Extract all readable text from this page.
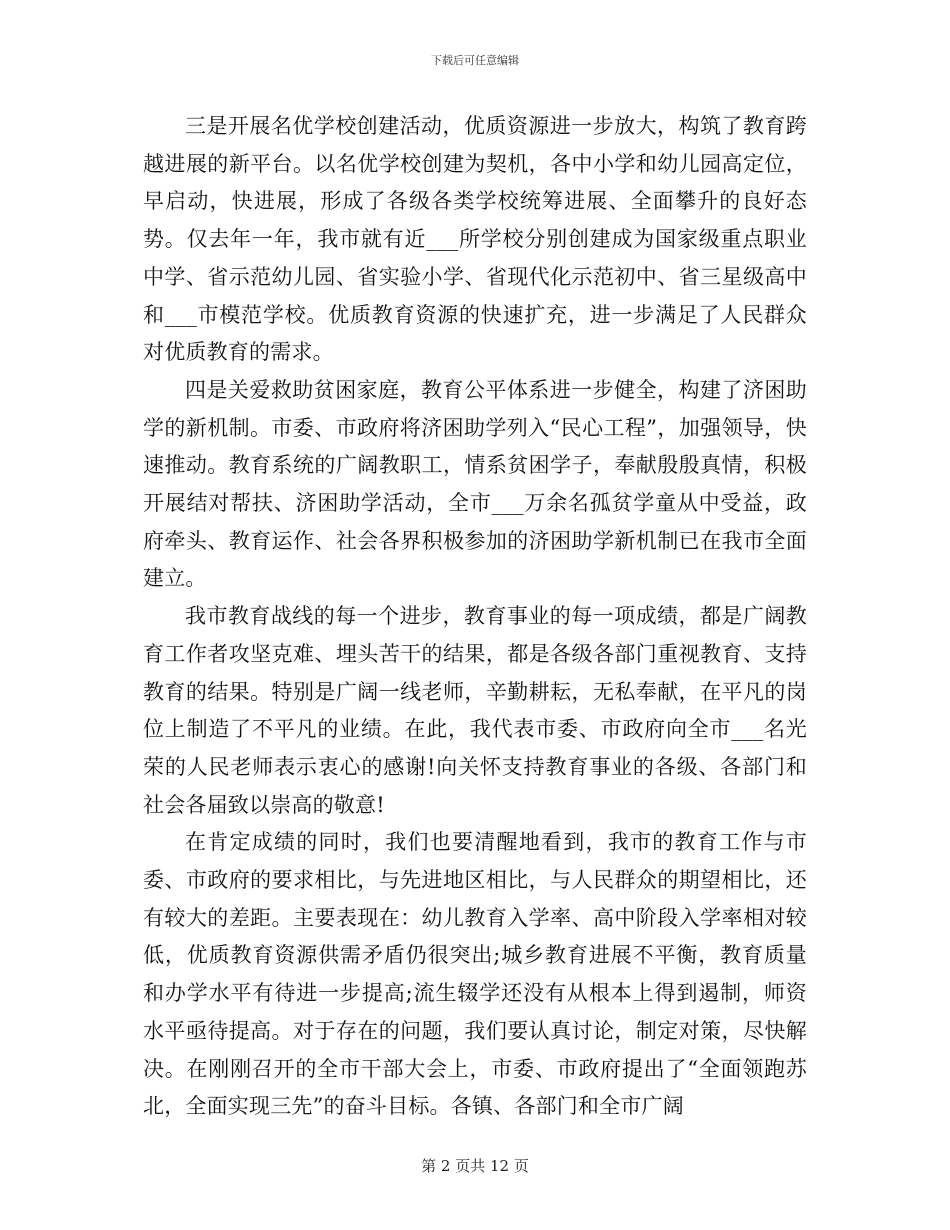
下载后可任意编辑

三是开展名优学校创建活动，优质资源进一步放大，构筑了教育跨越进展的新平台。以名优学校创建为契机，各中小学和幼儿园高定位，早启动，快进展，形成了各级各类学校统筹进展、全面攀升的良好态势。仅去年一年，我市就有近___所学校分别创建成为国家级重点职业中学、省示范幼儿园、省实验小学、省现代化示范初中、省三星级高中和___市模范学校。优质教育资源的快速扩充，进一步满足了人民群众对优质教育的需求。

四是关爱救助贫困家庭，教育公平体系进一步健全，构建了济困助学的新机制。市委、市政府将济困助学列入“民心工程”，加强领导，快速推动。教育系统的广阔教职工，情系贫困学子，奉献殷殷真情，积极开展结对帮扶、济困助学活动，全市___万余名孤贫学童从中受益，政府牵头、教育运作、社会各界积极参加的济困助学新机制已在我市全面建立。

我市教育战线的每一个进步，教育事业的每一项成绩，都是广阔教育工作者攻坚克难、埋头苦干的结果，都是各级各部门重视教育、支持教育的结果。特别是广阔一线老师，辛勤耕耘，无私奉献，在平凡的岗位上制造了不平凡的业绩。在此，我代表市委、市政府向全市___名光荣的人民老师表示衷心的感谢!向关怀支持教育事业的各级、各部门和社会各届致以崇高的敬意!

在肯定成绩的同时，我们也要清醒地看到，我市的教育工作与市委、市政府的要求相比，与先进地区相比，与人民群众的期望相比，还有较大的差距。主要表现在：幼儿教育入学率、高中阶段入学率相对较低，优质教育资源供需矛盾仍很突出;城乡教育进展不平衡，教育质量和办学水平有待进一步提高;流生辍学还没有从根本上得到遏制，师资水平亟待提高。对于存在的问题，我们要认真讨论，制定对策，尽快解决。在刚刚召开的全市干部大会上，市委、市政府提出了“全面领跑苏北，全面实现三先”的奋斗目标。各镇、各部门和全市广阔

第 2 页共 12 页
